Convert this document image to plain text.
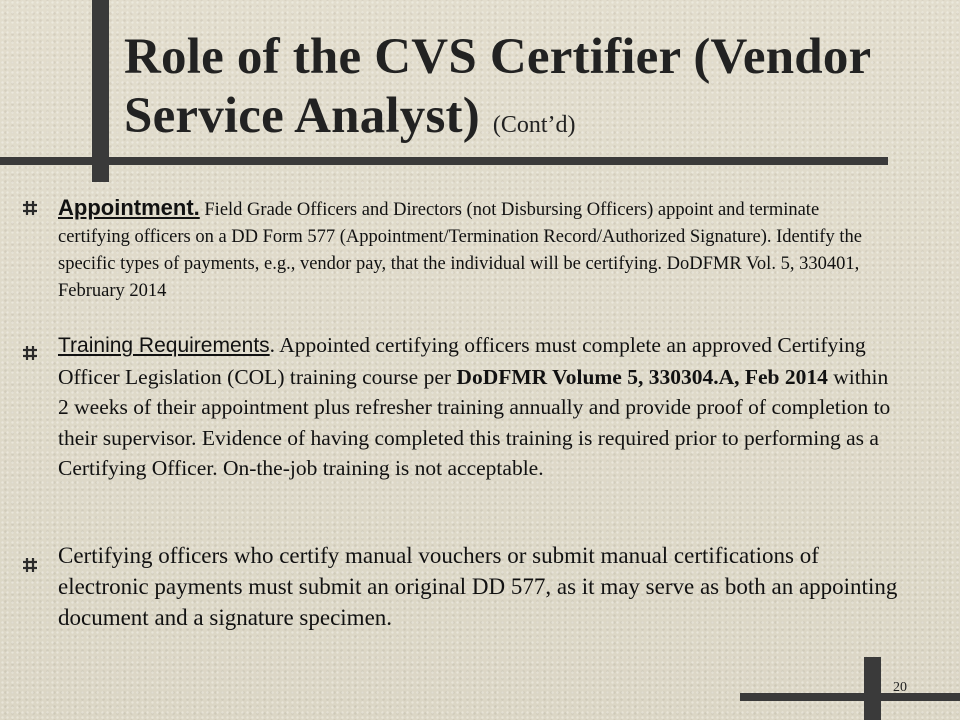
Role of the CVS Certifier (Vendor Service Analyst) (Cont’d)
Appointment. Field Grade Officers and Directors (not Disbursing Officers) appoint and terminate certifying officers on a DD Form 577 (Appointment/Termination Record/Authorized Signature). Identify the specific types of payments, e.g., vendor pay, that the individual will be certifying. DoDFMR Vol. 5, 330401, February 2014
Training Requirements. Appointed certifying officers must complete an approved Certifying Officer Legislation (COL) training course per DoDFMR Volume 5, 330304.A, Feb 2014 within 2 weeks of their appointment plus refresher training annually and provide proof of completion to their supervisor. Evidence of having completed this training is required prior to performing as a Certifying Officer. On-the-job training is not acceptable.
Certifying officers who certify manual vouchers or submit manual certifications of electronic payments must submit an original DD 577, as it may serve as both an appointing document and a signature specimen.
20
